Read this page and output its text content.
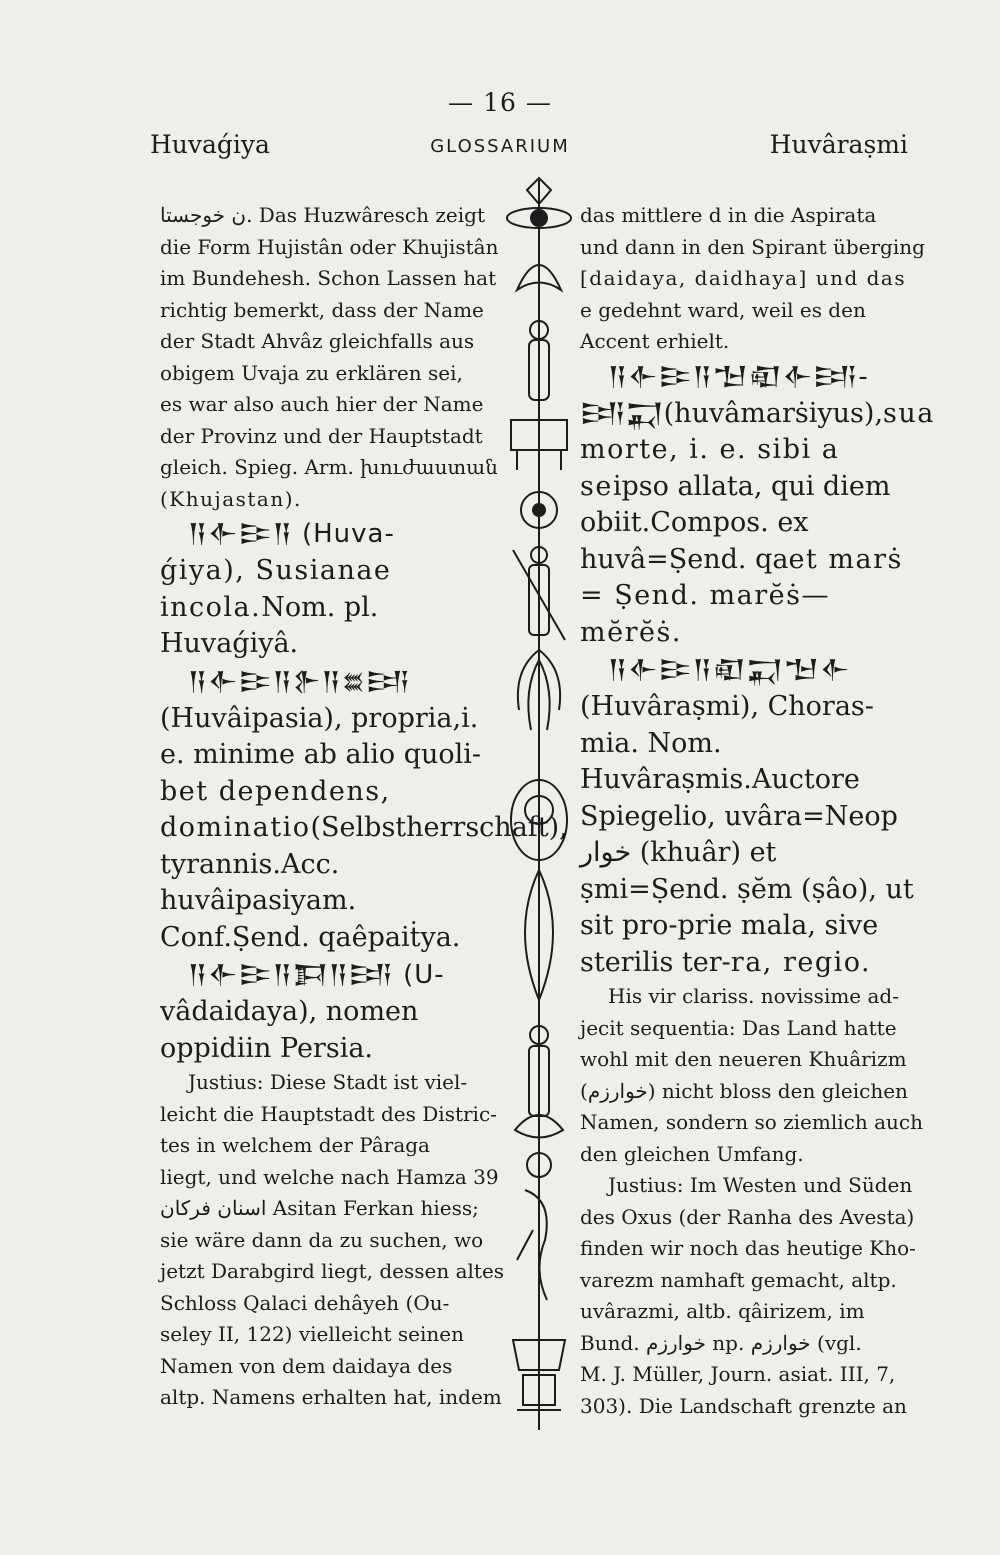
— 16 —
Huvaǵiya	GLOSSARIUM	Huvâraṣmi
ن خوجستا. Das Huzwâresch zeigt
die Form Hujistân oder Khujistân
im Bundehesh. Schon Lassen hat
richtig bemerkt, dass der Name
der Stadt Ahvâz gleichfalls aus
obigem Uvaja zu erklären sei,
es war also auch hier der Name
der Provinz und der Hauptstadt
gleich. Spieg. Arm. խուժաստան
(Khujastan).
𒀀𒅆𒄿𒀀 (Huva-
ǵiya), Susianae incola.Nom. pl. Huvaǵiyâ.
𒀀𒅆𒄿𒀀𒉿𒀀𒊺𒅀
(Huvâipasia), propria,i. e. minime ab alio quoli-bet dependens, dominatio(Selbstherrschaft), tyrannis.Acc. huvâipasiyam. Conf.Ṣend. qaêpaiṫya.
𒀀𒅆𒄿𒀀𒁕𒀀𒅀 (U-
vâdaidaya), nomen oppidiin Persia.
Justius: Diese Stadt ist viel-
leicht die Hauptstadt des Distric-
tes in welchem der Pâraga
liegt, und welche nach Hamza 39
اسنان فركان Asitan Ferkan hiess;
sie wäre dann da zu suchen, wo
jetzt Darabgird liegt, dessen altes
Schloss Qalaci dehâyeh (Ou-
seley II, 122) vielleicht seinen
Namen von dem daidaya des
altp. Namens erhalten hat, indem
das mittlere d in die Aspirata
und dann in den Spirant überging
[daidaya, daidhaya] und das
e gedehnt ward, weil es den
Accent erhielt.
𒀀𒅆𒄿𒀀𒈠𒊏𒅆𒅀-
𒅀𒍑(huvâmarṡiyus),sua morte, i. e. sibi a seipso allata, qui diem obiit.Compos. ex huvâ=Ṣend. qaet marṡ = Ṣend. marĕṡ—mĕrĕṡ.
𒀀𒅆𒄿𒀀𒊏𒍑𒈠𒅆
(Huvâraṣmi), Choras-mia. Nom. Huvâraṣmis.Auctore Spiegelio, uvâra=Neop خوار (khuâr) et ṣmi=Ṣend. ṣĕm (ṣâo), ut sit pro-prie mala, sive sterilis ter-ra, regio.
His vir clariss. novissime ad-
jecit sequentia: Das Land hatte
wohl mit den neueren Khuârizm
(خوارزم) nicht bloss den gleichen
Namen, sondern so ziemlich auch
den gleichen Umfang.
Justius: Im Westen und Süden
des Oxus (der Ranha des Avesta)
finden wir noch das heutige Kho-
varezm namhaft gemacht, altp.
uvârazmi, altb. qâirizem, im
Bund. خوارزم np. خوارزم (vgl.
M. J. Müller, Journ. asiat. III, 7,
303). Die Landschaft grenzte an
